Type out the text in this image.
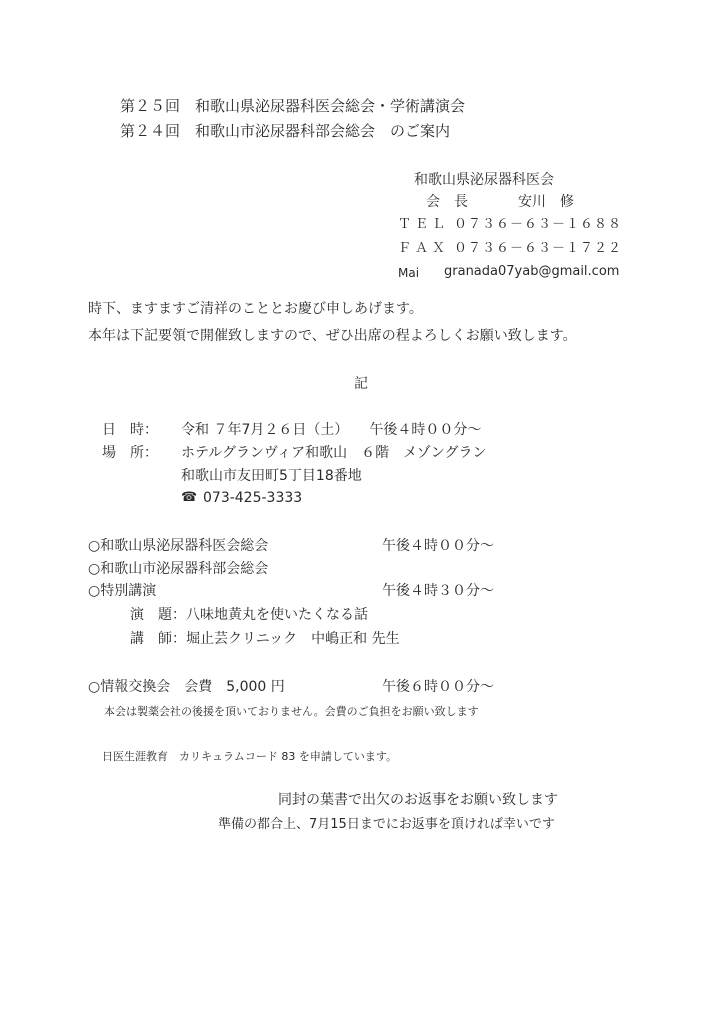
第２５回　和歌山県泌尿器科医会総会・学術講演会
第２４回　和歌山市泌尿器科部会総会　のご案内
和歌山県泌尿器科医会
会　長	安川　修
ＴＥＬ ０７３６－６３－１６８８
ＦＡＸ ０７３６－６３－１７２２
Mai granada07yab@gmail.com
時下、ますますご清祥のこととお慶び申しあげます。
本年は下記要領で開催致しますので、ぜひ出席の程よろしくお願い致します。
記
日　時： 令和 ７年7月２６日（土）　　午後４時００分～
場　所： ホテルグランヴィア和歌山　６階　メゾングラン
和歌山市友田町5丁目18番地
☎ 073-425-3333
○和歌山県泌尿器科医会総会	午後４時００分～
○和歌山市泌尿器科部会総会
○特別講演	午後４時３０分～
演　題：八味地黄丸を使いたくなる話
講　師：堀止芸クリニック　中嶋正和 先生
○情報交換会　会費　5,000 円	午後６時００分～
本会は製薬会社の後援を頂いておりません。会費のご負担をお願い致します
日医生涯教育　カリキュラムコード 83 を申請しています。
同封の葉書で出欠のお返事をお願い致します
準備の都合上、7月15日までにお返事を頂ければ幸いです
